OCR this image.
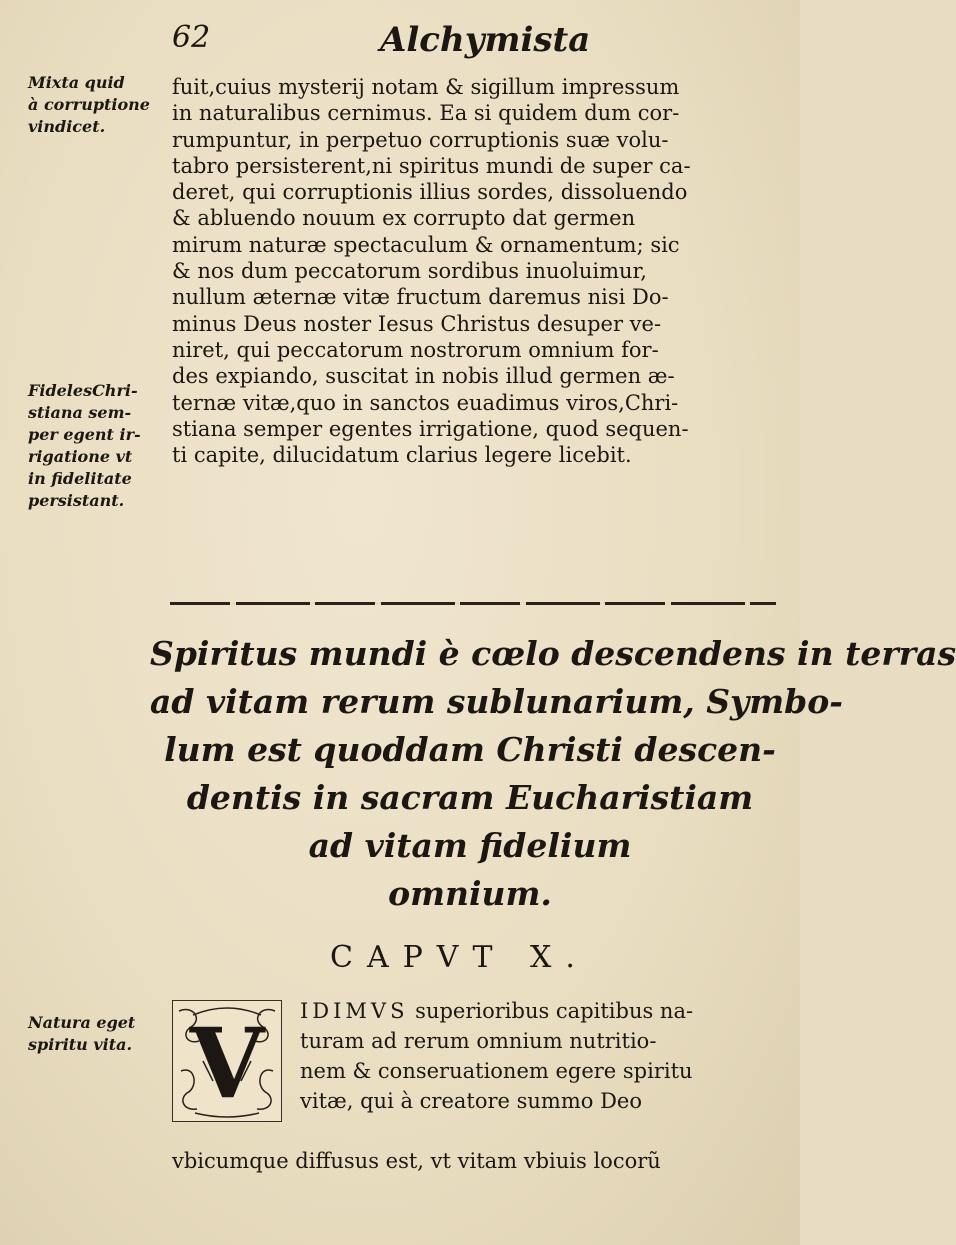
62	Alchymista
Mixta quid
à corruptione
vindicet.
FidelesChri-
stiana sem-
per egent ir-
rigatione vt
in fidelitate
persistant.
Natura eget
spiritu vita.
fuit,cuius mysterij notam & sigillum impressum
in naturalibus cernimus. Ea si quidem dum cor-
rumpuntur, in perpetuo corruptionis suæ volu-
tabro persisterent,ni spiritus mundi de super ca-
deret, qui corruptionis illius sordes, dissoluendo
& abluendo nouum ex corrupto dat germen
mirum naturæ spectaculum & ornamentum; sic
& nos dum peccatorum sordibus inuoluimur,
nullum æternæ vitæ fructum daremus nisi Do-
minus Deus noster Iesus Christus desuper ve-
niret, qui peccatorum nostrorum omnium for-
des expiando, suscitat in nobis illud germen æ-
ternæ vitæ,quo in sanctos euadimus viros,Chri-
stiana semper egentes irrigatione, quod sequen-
ti capite, dilucidatum clarius legere licebit.
Spiritus mundi è cœlo descendens in terras
ad vitam rerum sublunarium, Symbo-
lum est quoddam Christi descen-
dentis in sacram Eucharistiam
ad vitam fidelium
omnium.
CAPVT X.
V IDIMVS superioribus capitibus na-
turam ad rerum omnium nutritio-
nem & conseruationem egere spiritu
vitæ, qui à creatore summo Deo
vbicumque diffusus est, vt vitam vbiuis locorũ
